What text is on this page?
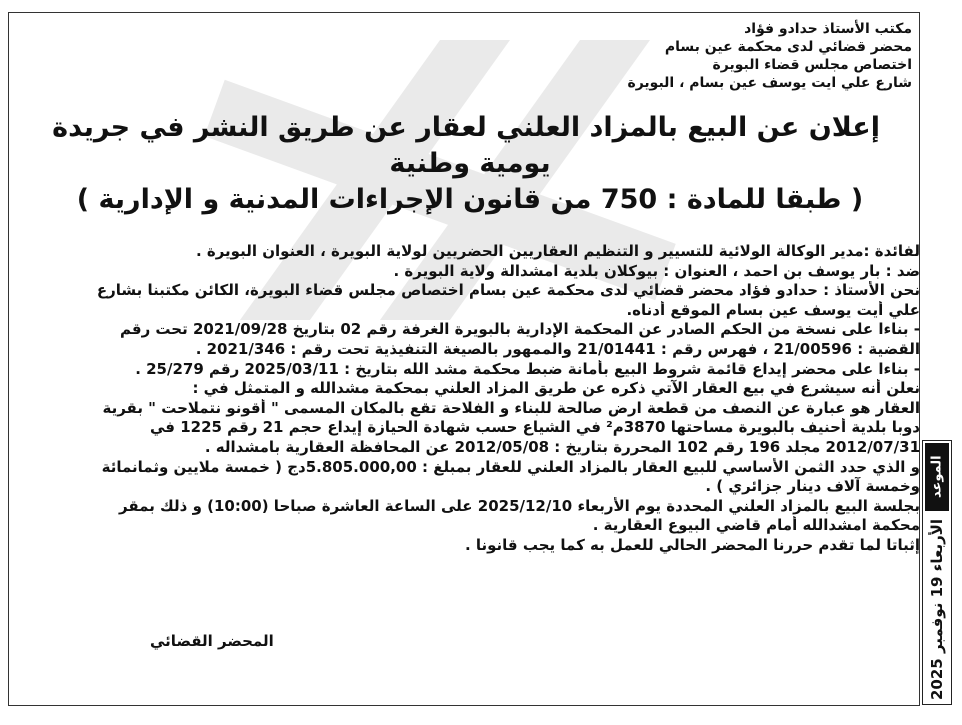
مكتب الأستاذ حدادو فؤاد
محضر قضائي لدى محكمة عين بسام
اختصاص مجلس قضاء البويرة
شارع علي ايت يوسف عين بسام ، البويرة
إعلان عن البيع بالمزاد العلني لعقار عن طريق النشر في جريدة
يومية وطنية
( طبقا للمادة : 750 من قانون الإجراءات المدنية و الإدارية )

لفائدة :مدير الوكالة الولائية للتسيير و التنظيم العقاريين الحضريين لولاية البويرة ، العنوان البويرة .

ضد : بار يوسف بن احمد ، العنوان : بيوكلان بلدية امشدالة ولاية البويرة .

نحن الأستاذ : حدادو فؤاد محضر قضائي لدى محكمة عين بسام اختصاص مجلس قضاء البويرة، الكائن مكتبنا بشارع

علي أيت يوسف عين بسام الموقع أدناه.

- بناءا على نسخة من الحكم الصادر عن المحكمة الإدارية بالبويرة الغرفة رقم 02 بتاريخ 2021/09/28 تحت رقم

القضية : 21/00596 ، فهرس رقم : 21/01441 والممهور بالصيغة التنفيذية تحت رقم : 2021/346 .

- بناءا على محضر إيداع قائمة شروط البيع بأمانة ضبط محكمة مشد الله بتاريخ : 2025/03/11 رقم 25/279 .

نعلن أنه سيشرع في بيع العقار الآتي ذكره عن طريق المزاد العلني بمحكمة مشدالله و المتمثل في :

العقار هو عبارة عن النصف من قطعة ارض صالحة للبناء و الفلاحة تقع بالمكان المسمى " أقونو نتملاحت " بقرية

دوبا بلدية أحنيف بالبويرة مساحتها 3870م² في الشياع حسب شهادة الحيازة إيداع حجم 21 رقم 1225 في

2012/07/31 مجلد 196 رقم 102 المحررة بتاريخ : 2012/05/08 عن المحافظة العقارية بامشداله .

و الذي حدد الثمن الأساسي للبيع العقار بالمزاد العلني للعقار بمبلغ : 5.805.000,00دج ( خمسة ملايين وثمانمائة

وخمسة آلاف دينار جزائري ) .

بجلسة البيع بالمزاد العلني المحددة يوم الأربعاء 2025/12/10 على الساعة العاشرة صباحا (10:00) و ذلك بمقر

محكمة امشدالله أمام قاضي البيوع العقارية .

إثباتا لما تقدم حررنا المحضر الحالي للعمل به كما يجب قانونا .

المحضر القضائي
الموعد
الأربعاء 19 نوفمبر 2025
